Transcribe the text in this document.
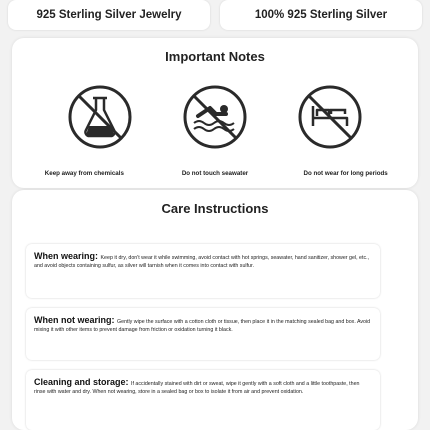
925 Sterling Silver Jewelry	100% 925 Sterling Silver
Important Notes
Keep away from chemicals	Do not touch seawater	Do not wear for long periods
Care Instructions
When wearing: Keep it dry, don't wear it while swimming, avoid contact with hot springs, seawater, hand sanitizer, shower gel, etc., and avoid objects containing sulfur, as silver will tarnish when it comes into contact with sulfur.
When not wearing: Gently wipe the surface with a cotton cloth or tissue, then place it in the matching sealed bag and box. Avoid mixing it with other items to prevent damage from friction or oxidation turning it black.
Cleaning and storage: If accidentally stained with dirt or sweat, wipe it gently with a soft cloth and a little toothpaste, then rinse with water and dry. When not wearing, store in a sealed bag or box to isolate it from air and prevent oxidation.
